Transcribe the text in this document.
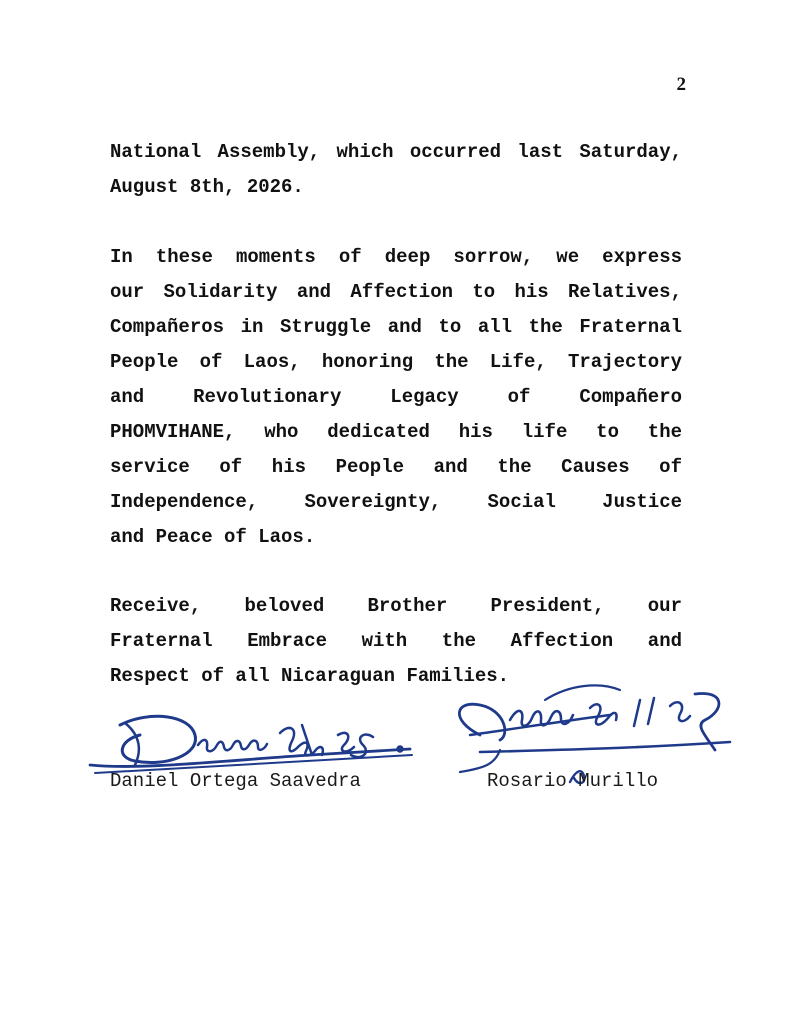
2
National Assembly, which occurred last Saturday,
August 8th, 2026.
In these moments of deep sorrow, we express
our Solidarity and Affection to his Relatives,
Compañeros in Struggle and to all the Fraternal
People of Laos, honoring the Life, Trajectory
and Revolutionary Legacy of Compañero
PHOMVIHANE, who dedicated his life to the
service of his People and the Causes of
Independence, Sovereignty, Social Justice
and Peace of Laos.
Receive, beloved Brother President, our
Fraternal Embrace with the Affection and
Respect of all Nicaraguan Families.
Daniel Ortega Saavedra	Rosario Murillo
